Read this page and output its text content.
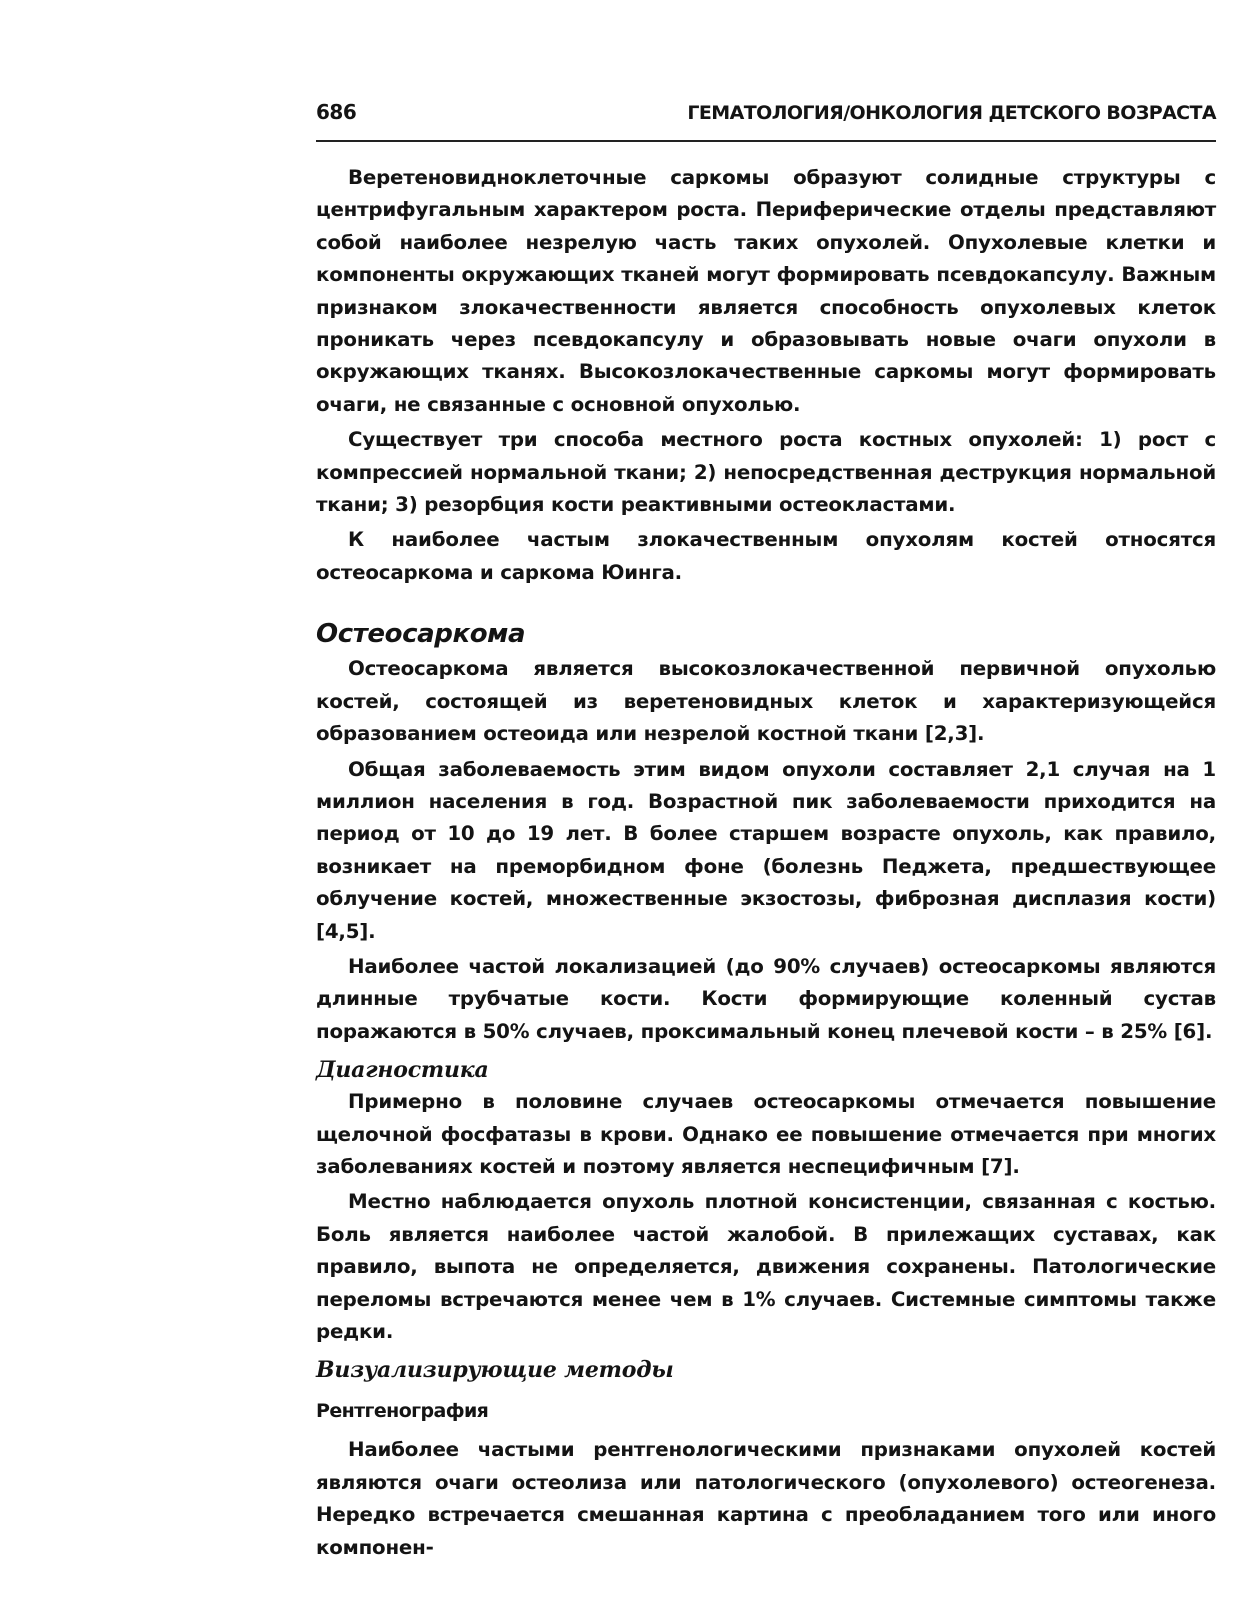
686	ГЕМАТОЛОГИЯ/ОНКОЛОГИЯ ДЕТСКОГО ВОЗРАСТА

Веретеновидноклеточные саркомы образуют солидные структуры с центрифугальным характером роста. Периферические отделы представляют собой наиболее незрелую часть таких опухолей. Опухолевые клетки и компоненты окружающих тканей могут формировать псевдокапсулу. Важным признаком злокачественности является способность опухолевых клеток проникать через псевдокапсулу и образовывать новые очаги опухоли в окружающих тканях. Высокозлокачественные саркомы могут формировать очаги, не связанные с основной опухолью.

Существует три способа местного роста костных опухолей: 1) рост с компрессией нормальной ткани; 2) непосредственная деструкция нормальной ткани; 3) резорбция кости реактивными остеокластами.

К наиболее частым злокачественным опухолям костей относятся остеосаркома и саркома Юинга.

Остеосаркома

Остеосаркома является высокозлокачественной первичной опухолью костей, состоящей из веретеновидных клеток и характеризующейся образованием остеоида или незрелой костной ткани [2,3].

Общая заболеваемость этим видом опухоли составляет 2,1 случая на 1 миллион населения в год. Возрастной пик заболеваемости приходится на период от 10 до 19 лет. В более старшем возрасте опухоль, как правило, возникает на преморбидном фоне (болезнь Педжета, предшествующее облучение костей, множественные экзостозы, фиброзная дисплазия кости) [4,5].

Наиболее частой локализацией (до 90% случаев) остеосаркомы являются длинные трубчатые кости. Кости формирующие коленный сустав поражаются в 50% случаев, проксимальный конец плечевой кости – в 25% [6].

Диагностика

Примерно в половине случаев остеосаркомы отмечается повышение щелочной фосфатазы в крови. Однако ее повышение отмечается при многих заболеваниях костей и поэтому является неспецифичным [7].

Местно наблюдается опухоль плотной консистенции, связанная с костью. Боль является наиболее частой жалобой. В прилежащих суставах, как правило, выпота не определяется, движения сохранены. Патологические переломы встречаются менее чем в 1% случаев. Системные симптомы также редки.

Визуализирующие методы
Рентгенография

Наиболее частыми рентгенологическими признаками опухолей костей являются очаги остеолиза или патологического (опухолевого) остеогенеза. Нередко встречается смешанная картина с преобладанием того или иного компонен-
